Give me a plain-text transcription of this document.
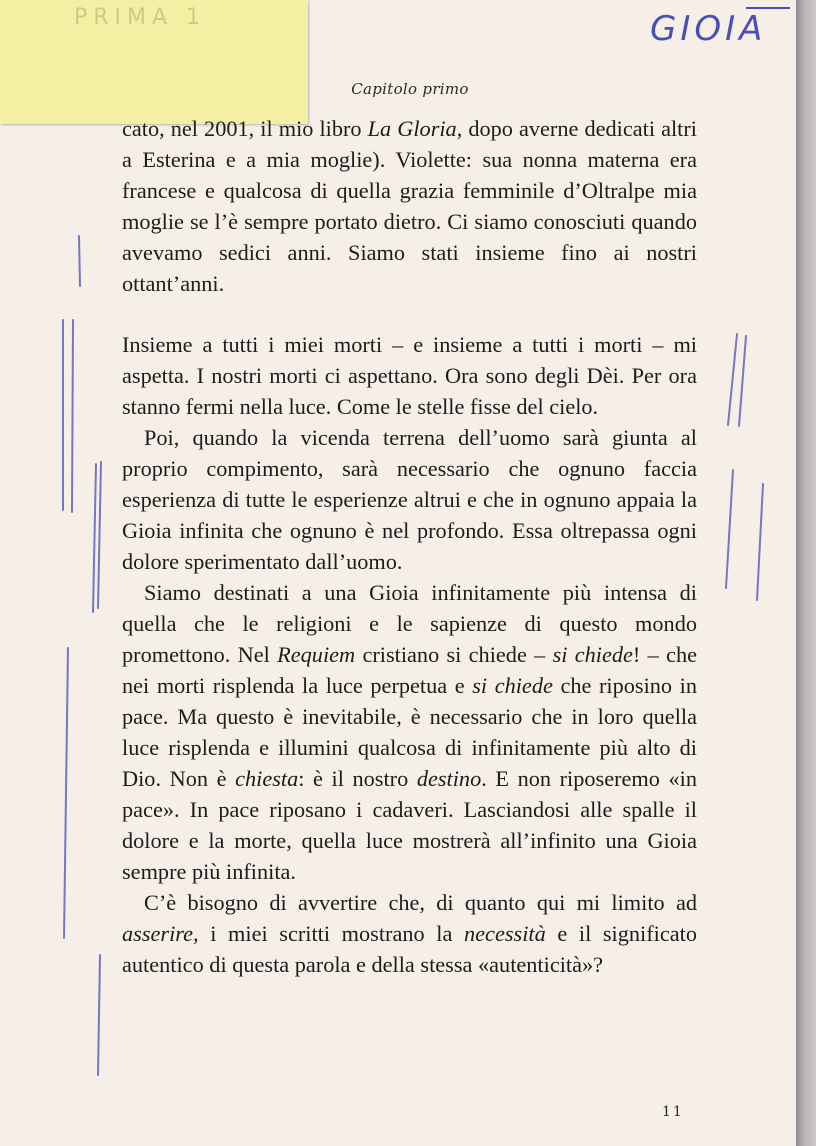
PRIMA 1	GIOIA
Capitolo primo

cato, nel 2001, il mio libro La Gloria, dopo averne dedicati altri a Esterina e a mia moglie). Violette: sua nonna materna era francese e qualcosa di quella grazia femminile d’Oltralpe mia moglie se l’è sempre portato dietro. Ci siamo conosciuti quando avevamo sedici anni. Siamo stati insieme fino ai nostri ottant’anni.

Insieme a tutti i miei morti – e insieme a tutti i morti – mi aspetta. I nostri morti ci aspettano. Ora sono degli Dèi. Per ora stanno fermi nella luce. Come le stelle fisse del cielo.

Poi, quando la vicenda terrena dell’uomo sarà giunta al proprio compimento, sarà necessario che ognuno faccia esperienza di tutte le esperienze altrui e che in ognuno appaia la Gioia infinita che ognuno è nel profondo. Essa oltrepassa ogni dolore sperimentato dall’uomo.

Siamo destinati a una Gioia infinitamente più intensa di quella che le religioni e le sapienze di questo mondo promettono. Nel Requiem cristiano si chiede – si chiede! – che nei morti risplenda la luce perpetua e si chiede che riposino in pace. Ma questo è inevitabile, è necessario che in loro quella luce risplenda e illumini qualcosa di infinitamente più alto di Dio. Non è chiesta: è il nostro destino. E non riposeremo «in pace». In pace riposano i cadaveri. Lasciandosi alle spalle il dolore e la morte, quella luce mostrerà all’infinito una Gioia sempre più infinita.

C’è bisogno di avvertire che, di quanto qui mi limito ad asserire, i miei scritti mostrano la necessità e il significato autentico di questa parola e della stessa «autenticità»?

11
